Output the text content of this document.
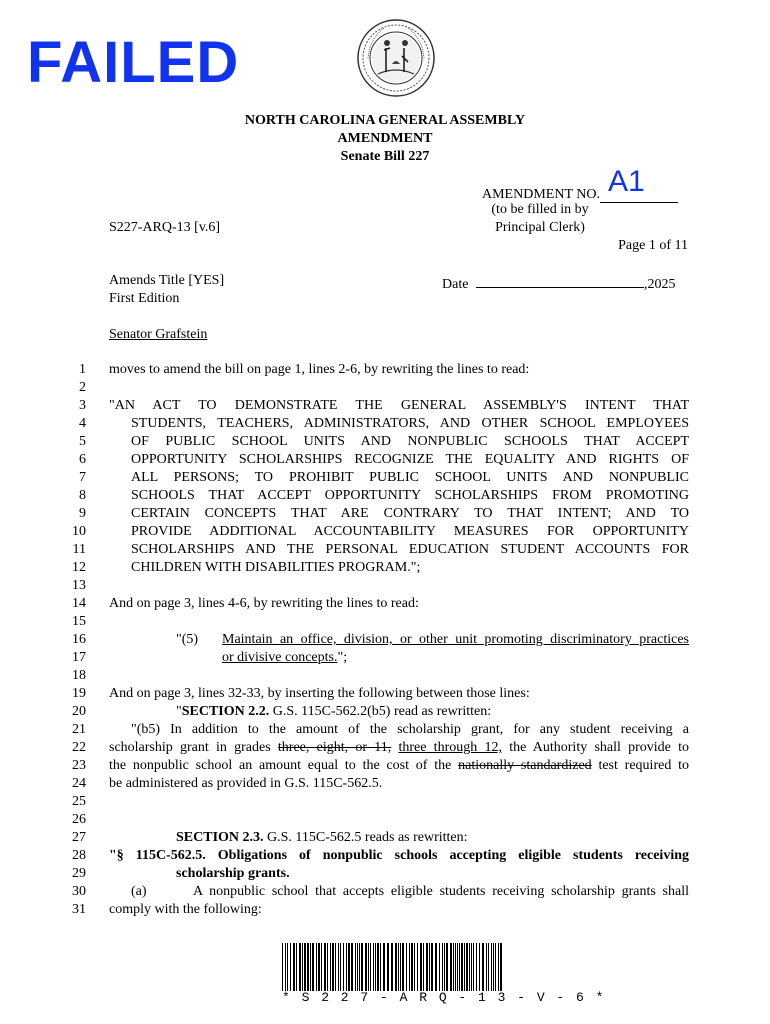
FAILED
NORTH CAROLINA GENERAL ASSEMBLY
AMENDMENT
Senate Bill 227
AMENDMENT NO. A1
(to be filled in by
Principal Clerk)
Page 1 of 11
S227-ARQ-13 [v.6]
Amends Title [YES]
First Edition
Date	,2025
Senator Grafstein
1
2
3
4
5
6
7
8
9
10
11
12
13
14
15
16
17
18
19
20
21
22
23
24
25
26
27
28
29
30
31
moves to amend the bill on page 1, lines 2-6, by rewriting the lines to read:
"AN ACT TO DEMONSTRATE THE GENERAL ASSEMBLY'S INTENT THAT
STUDENTS, TEACHERS, ADMINISTRATORS, AND OTHER SCHOOL EMPLOYEES
OF PUBLIC SCHOOL UNITS AND NONPUBLIC SCHOOLS THAT ACCEPT
OPPORTUNITY SCHOLARSHIPS RECOGNIZE THE EQUALITY AND RIGHTS OF
ALL PERSONS; TO PROHIBIT PUBLIC SCHOOL UNITS AND NONPUBLIC
SCHOOLS THAT ACCEPT OPPORTUNITY SCHOLARSHIPS FROM PROMOTING
CERTAIN CONCEPTS THAT ARE CONTRARY TO THAT INTENT; AND TO
PROVIDE ADDITIONAL ACCOUNTABILITY MEASURES FOR OPPORTUNITY
SCHOLARSHIPS AND THE PERSONAL EDUCATION STUDENT ACCOUNTS FOR
CHILDREN WITH DISABILITIES PROGRAM.";
And on page 3, lines 4-6, by rewriting the lines to read:
"(5) Maintain an office, division, or other unit promoting discriminatory practices
or divisive concepts.";
And on page 3, lines 32-33, by inserting the following between those lines:
"SECTION 2.2. G.S. 115C-562.2(b5) read as rewritten:
"(b5) In addition to the amount of the scholarship grant, for any student receiving a
scholarship grant in grades three, eight, or 11, three through 12, the Authority shall provide to
the nonpublic school an amount equal to the cost of the nationally standardized test required to
be administered as provided in G.S. 115C-562.5.
SECTION 2.3. G.S. 115C-562.5 reads as rewritten:
"§ 115C-562.5. Obligations of nonpublic schools accepting eligible students receiving
scholarship grants.
(a)       A nonpublic school that accepts eligible students receiving scholarship grants shall
comply with the following:
* S 2 2 7 - A R Q - 1 3 - V - 6 *
